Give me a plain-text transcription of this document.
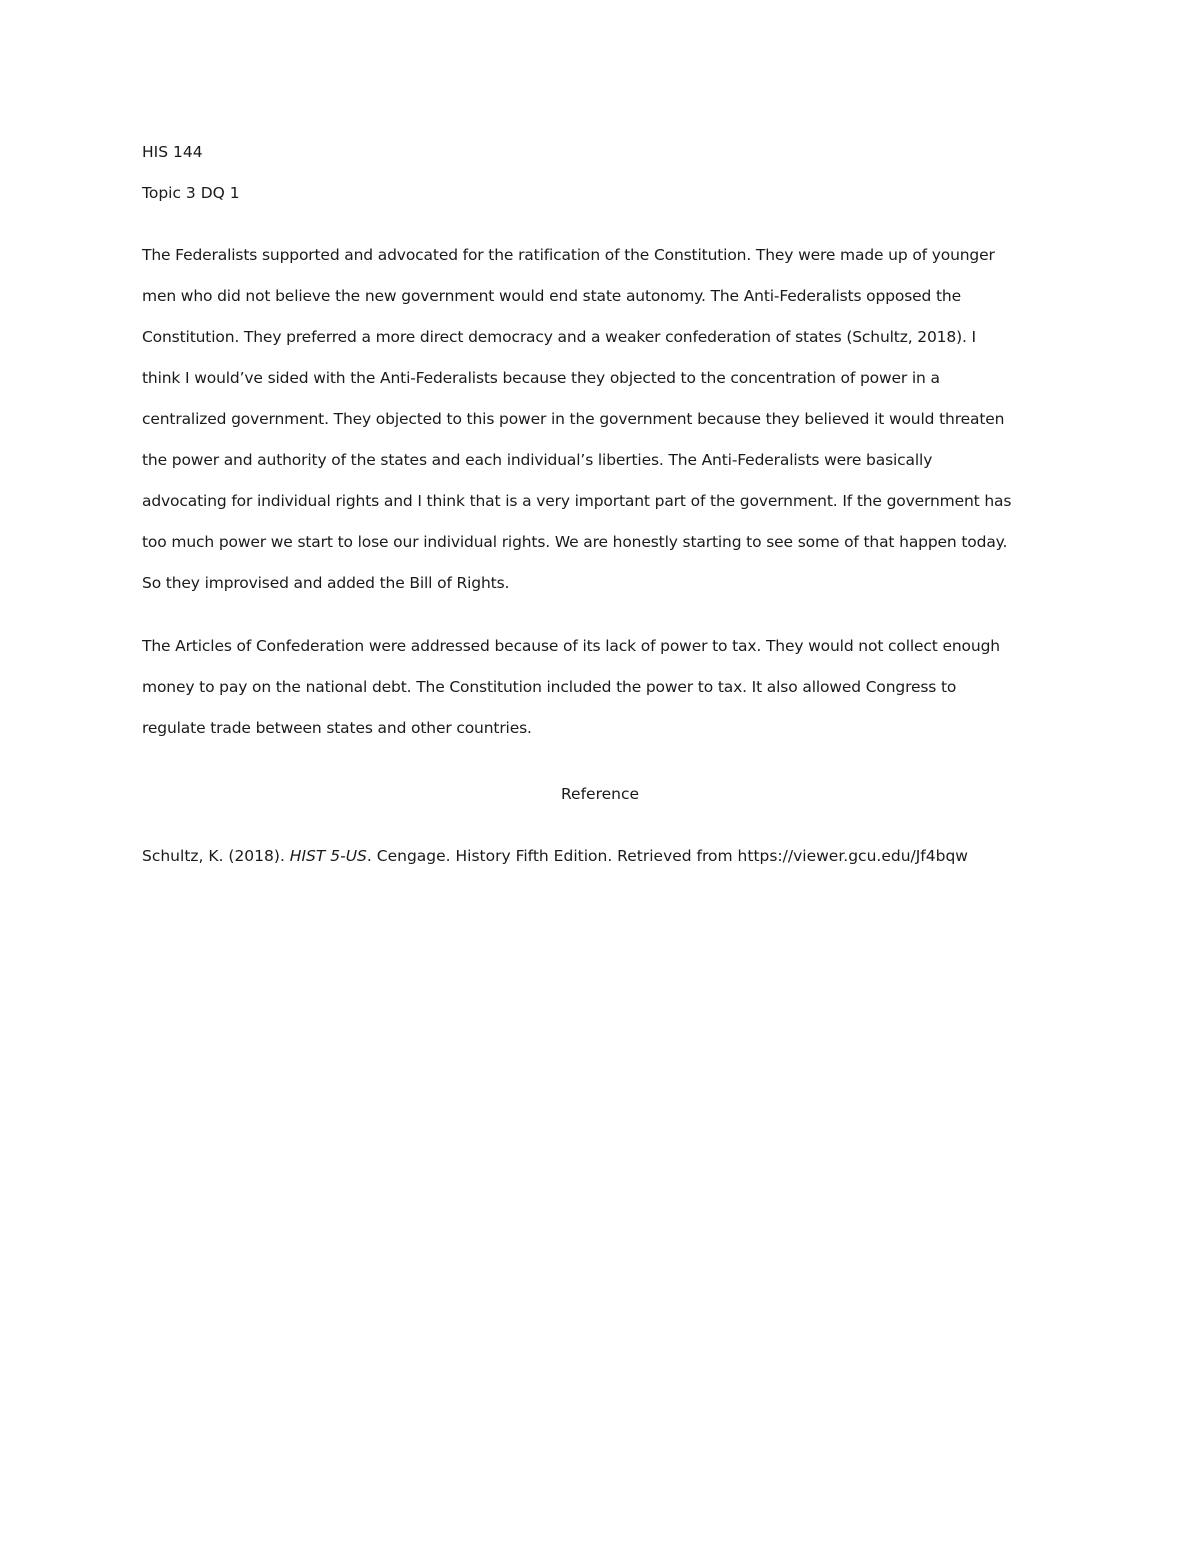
HIS 144

Topic 3 DQ 1

The Federalists supported and advocated for the ratification of the Constitution. They were made up of younger

men who did not believe the new government would end state autonomy. The Anti-Federalists opposed the

Constitution. They preferred a more direct democracy and a weaker confederation of states (Schultz, 2018). I

think I would’ve sided with the Anti-Federalists because they objected to the concentration of power in a

centralized government. They objected to this power in the government because they believed it would threaten

the power and authority of the states and each individual’s liberties. The Anti-Federalists were basically

advocating for individual rights and I think that is a very important part of the government. If the government has

too much power we start to lose our individual rights. We are honestly starting to see some of that happen today.

So they improvised and added the Bill of Rights.

The Articles of Confederation were addressed because of its lack of power to tax. They would not collect enough

money to pay on the national debt. The Constitution included the power to tax. It also allowed Congress to

regulate trade between states and other countries.

Reference

Schultz, K. (2018). HIST 5-US. Cengage. History Fifth Edition. Retrieved from https://viewer.gcu.edu/Jf4bqw
